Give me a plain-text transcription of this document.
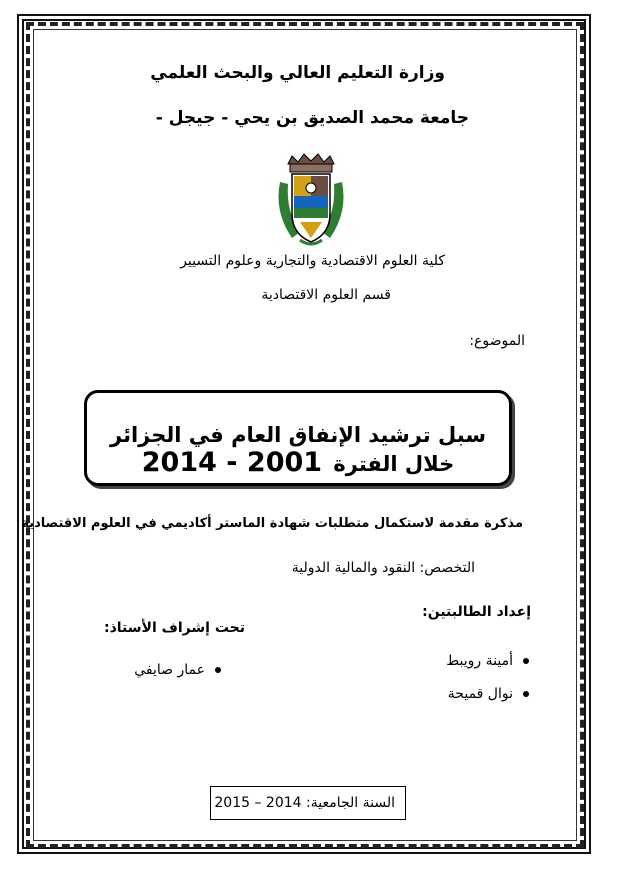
وزارة التعليم العالي والبحث العلمي
جامعة محمد الصديق بن يحي - جيجل -
كلية العلوم الاقتصادية والتجارية وعلوم التسيير
قسم العلوم الاقتصادية
الموضوع:
سبل ترشيد الإنفاق العام في الجزائر خلال الفترة 2001 - 2014
مذكرة مقدمة لاستكمال متطلبات شهادة الماستر أكاديمي في العلوم الاقتصادية
التخصص: النقود والمالية الدولية
إعداد الطالبتين:
تحت إشراف الأستاذ:
أمينة رويبط
نوال قميحة
عمار صايفي
السنة الجامعية: 2014 – 2015
